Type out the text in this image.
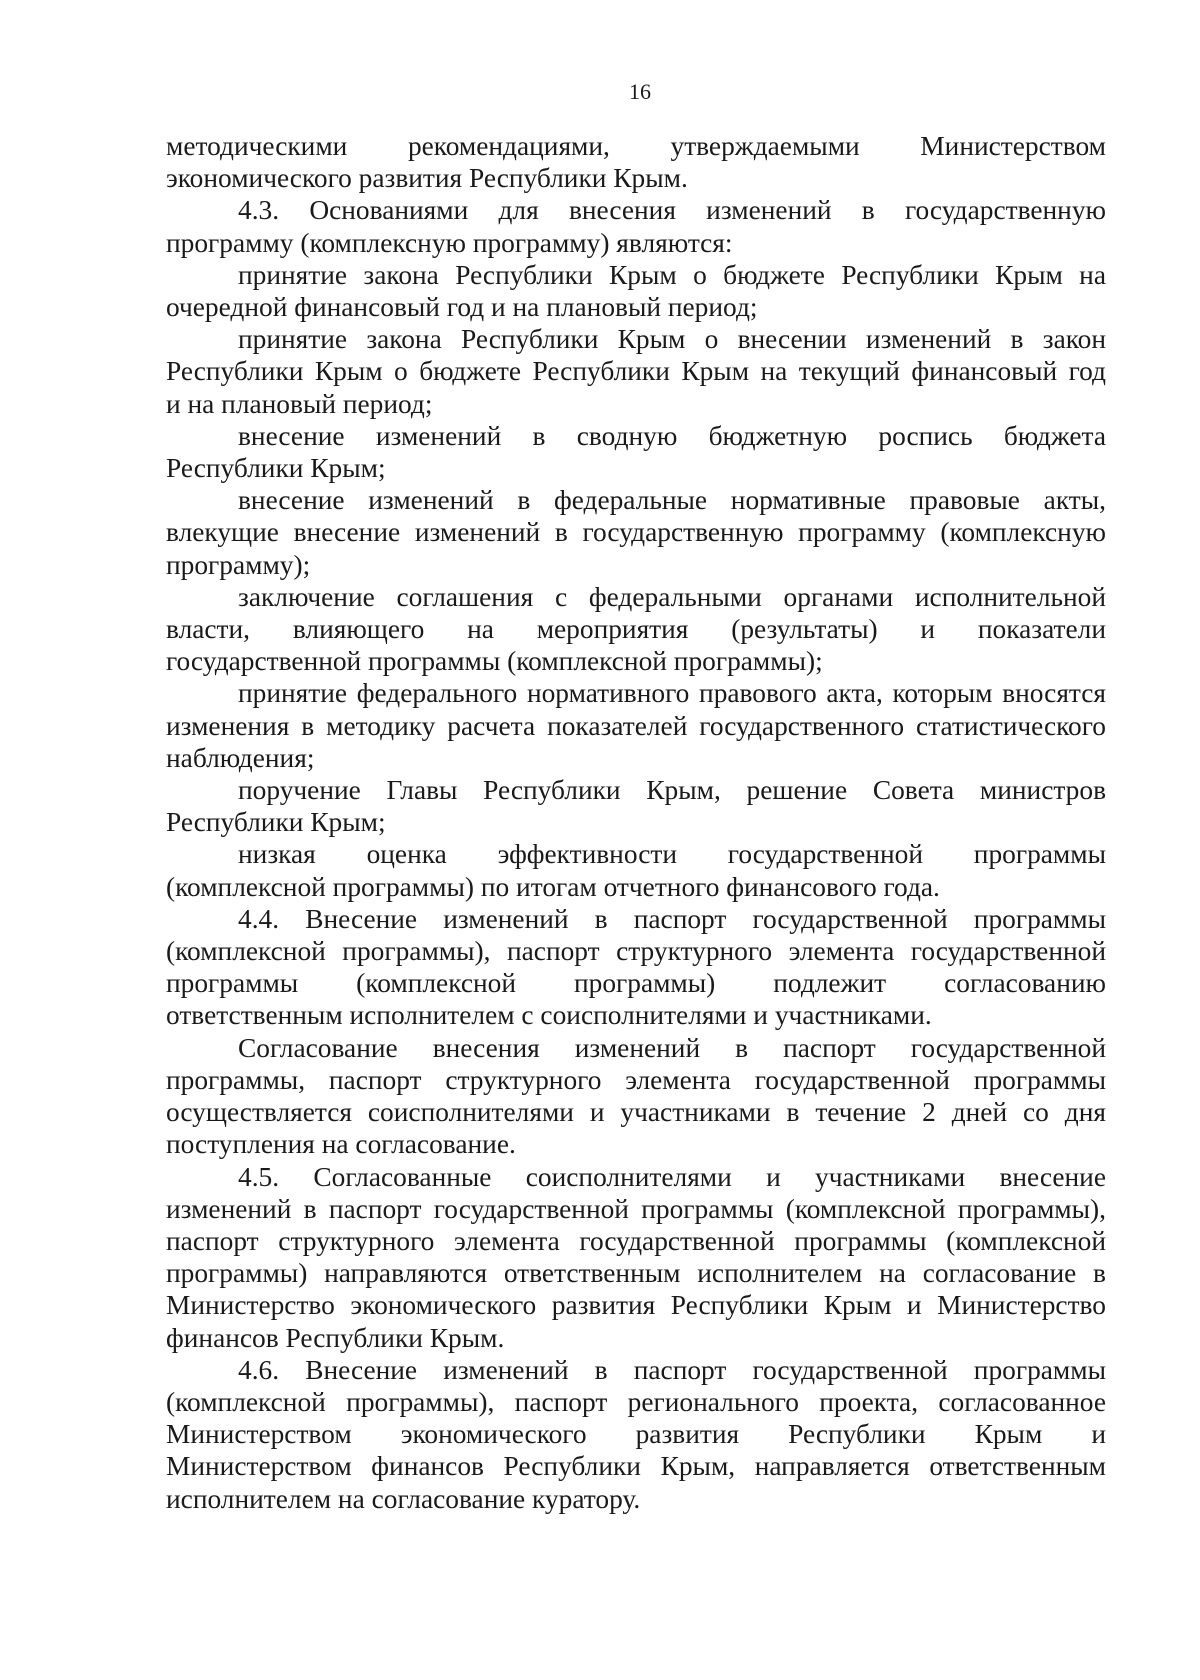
16
методическими рекомендациями, утверждаемыми Министерством
экономического развития Республики Крым.
4.3. Основаниями для внесения изменений в государственную
программу (комплексную программу) являются:
принятие закона Республики Крым о бюджете Республики Крым на
очередной финансовый год и на плановый период;
принятие закона Республики Крым о внесении изменений в закон
Республики Крым о бюджете Республики Крым на текущий финансовый год
и на плановый период;
внесение изменений в сводную бюджетную роспись бюджета
Республики Крым;
внесение изменений в федеральные нормативные правовые акты,
влекущие внесение изменений в государственную программу (комплексную
программу);
заключение соглашения с федеральными органами исполнительной
власти, влияющего на мероприятия (результаты) и показатели
государственной программы (комплексной программы);
принятие федерального нормативного правового акта, которым вносятся
изменения в методику расчета показателей государственного статистического
наблюдения;
поручение Главы Республики Крым, решение Совета министров
Республики Крым;
низкая оценка эффективности государственной программы
(комплексной программы) по итогам отчетного финансового года.
4.4. Внесение изменений в паспорт государственной программы
(комплексной программы), паспорт структурного элемента государственной
программы (комплексной программы) подлежит согласованию
ответственным исполнителем с соисполнителями и участниками.
Согласование внесения изменений в паспорт государственной
программы, паспорт структурного элемента государственной программы
осуществляется соисполнителями и участниками в течение 2 дней со дня
поступления на согласование.
4.5. Согласованные соисполнителями и участниками внесение
изменений в паспорт государственной программы (комплексной программы),
паспорт структурного элемента государственной программы (комплексной
программы) направляются ответственным исполнителем на согласование в
Министерство экономического развития Республики Крым и Министерство
финансов Республики Крым.
4.6. Внесение изменений в паспорт государственной программы
(комплексной программы), паспорт регионального проекта, согласованное
Министерством экономического развития Республики Крым и
Министерством финансов Республики Крым, направляется ответственным
исполнителем на согласование куратору.
